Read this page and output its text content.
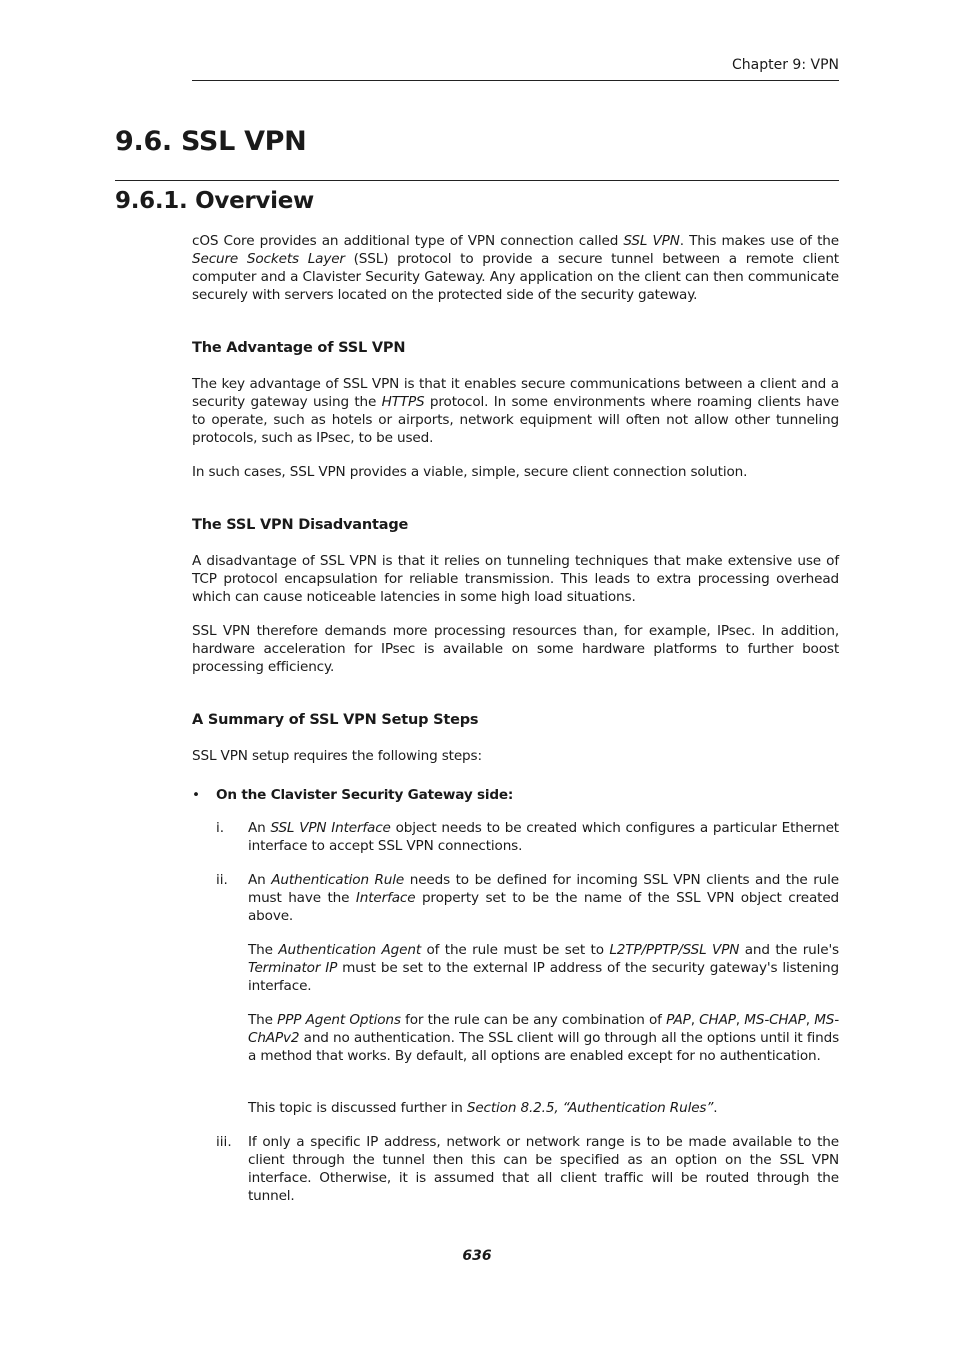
Chapter 9: VPN
9.6. SSL VPN
9.6.1. Overview

cOS Core provides an additional type of VPN connection called SSL VPN. This makes use of the Secure Sockets Layer (SSL) protocol to provide a secure tunnel between a remote client computer and a Clavister Security Gateway. Any application on the client can then communicate securely with servers located on the protected side of the security gateway.

The Advantage of SSL VPN

The key advantage of SSL VPN is that it enables secure communications between a client and a security gateway using the HTTPS protocol. In some environments where roaming clients have to operate, such as hotels or airports, network equipment will often not allow other tunneling protocols, such as IPsec, to be used.

In such cases, SSL VPN provides a viable, simple, secure client connection solution.

The SSL VPN Disadvantage

A disadvantage of SSL VPN is that it relies on tunneling techniques that make extensive use of TCP protocol encapsulation for reliable transmission. This leads to extra processing overhead which can cause noticeable latencies in some high load situations.

SSL VPN therefore demands more processing resources than, for example, IPsec. In addition, hardware acceleration for IPsec is available on some hardware platforms to further boost processing efficiency.

A Summary of SSL VPN Setup Steps

SSL VPN setup requires the following steps:

• On the Clavister Security Gateway side:
i. An SSL VPN Interface object needs to be created which configures a particular Ethernet interface to accept SSL VPN connections.

ii. An Authentication Rule needs to be defined for incoming SSL VPN clients and the rule must have the Interface property set to be the name of the SSL VPN object created above.

The Authentication Agent of the rule must be set to L2TP/PPTP/SSL VPN and the rule's Terminator IP must be set to the external IP address of the security gateway's listening interface.

The PPP Agent Options for the rule can be any combination of PAP, CHAP, MS-CHAP, MS-ChAPv2 and no authentication. The SSL client will go through all the options until it finds a method that works. By default, all options are enabled except for no authentication.

This topic is discussed further in Section 8.2.5, “Authentication Rules”.

iii. If only a specific IP address, network or network range is to be made available to the client through the tunnel then this can be specified as an option on the SSL VPN interface. Otherwise, it is assumed that all client traffic will be routed through the tunnel.

636
